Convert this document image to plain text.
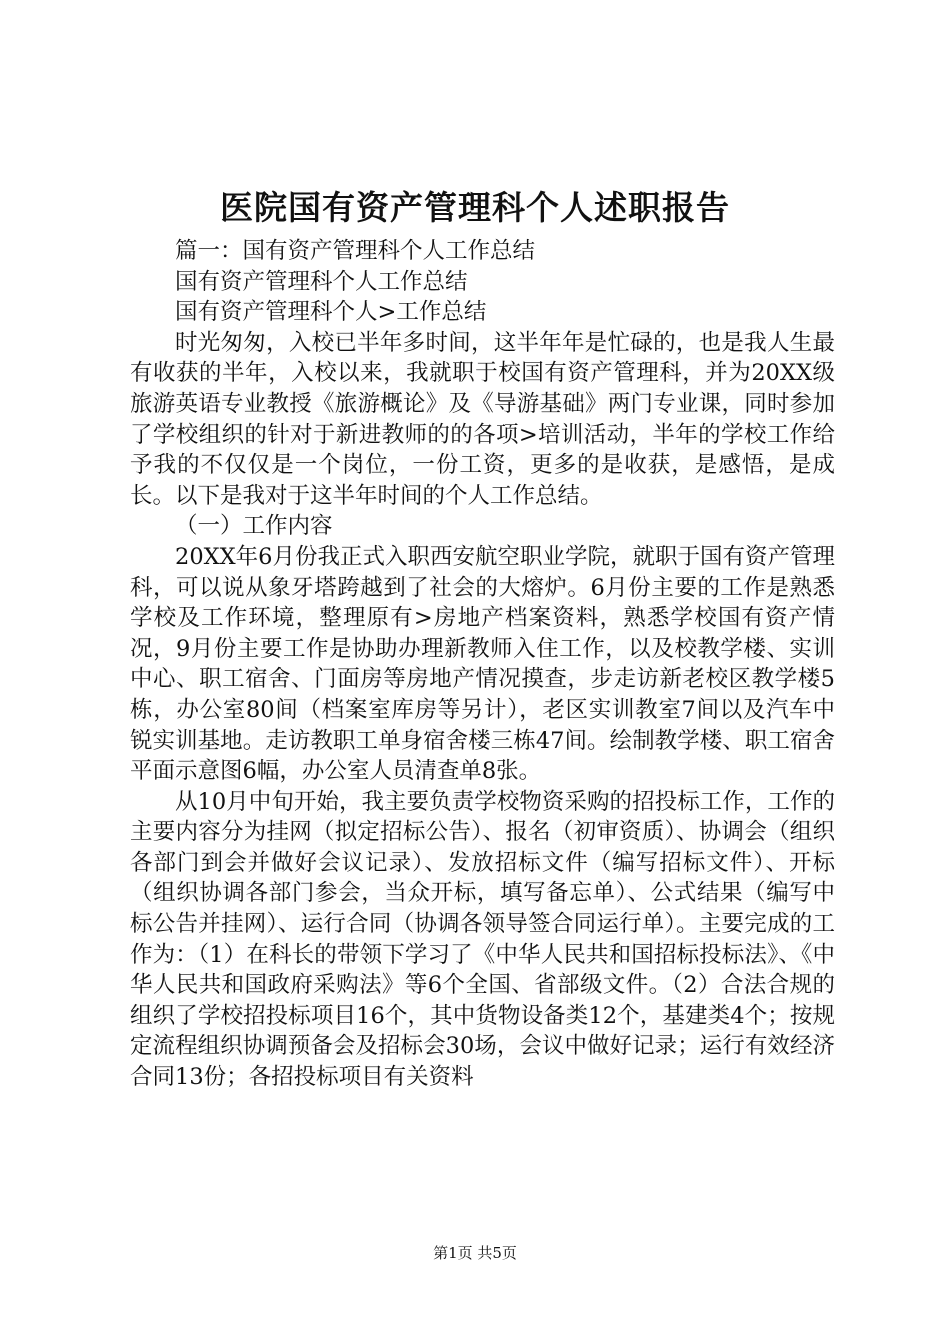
医院国有资产管理科个人述职报告

篇一：国有资产管理科个人工作总结

国有资产管理科个人工作总结

国有资产管理科个人>工作总结

时光匆匆，入校已半年多时间，这半年年是忙碌的，也是我人生最有收获的半年，入校以来，我就职于校国有资产管理科，并为20XX级旅游英语专业教授《旅游概论》及《导游基础》两门专业课，同时参加了学校组织的针对于新进教师的的各项>培训活动，半年的学校工作给予我的不仅仅是一个岗位，一份工资，更多的是收获，是感悟，是成长。以下是我对于这半年时间的个人工作总结。

（一）工作内容

20XX年6月份我正式入职西安航空职业学院，就职于国有资产管理科，可以说从象牙塔跨越到了社会的大熔炉。6月份主要的工作是熟悉学校及工作环境，整理原有>房地产档案资料，熟悉学校国有资产情况，9月份主要工作是协助办理新教师入住工作，以及校教学楼、实训中心、职工宿舍、门面房等房地产情况摸查，步走访新老校区教学楼5栋，办公室80间（档案室库房等另计），老区实训教室7间以及汽车中锐实训基地。走访教职工单身宿舍楼三栋47间。绘制教学楼、职工宿舍平面示意图6幅，办公室人员清查单8张。

从10月中旬开始，我主要负责学校物资采购的招投标工作，工作的主要内容分为挂网（拟定招标公告）、报名（初审资质）、协调会（组织各部门到会并做好会议记录）、发放招标文件（编写招标文件）、开标（组织协调各部门参会，当众开标，填写备忘单）、公式结果（编写中标公告并挂网）、运行合同（协调各领导签合同运行单）。主要完成的工作为：（1）在科长的带领下学习了《中华人民共和国招标投标法》、《中华人民共和国政府采购法》等6个全国、省部级文件。（2）合法合规的组织了学校招投标项目16个，其中货物设备类12个，基建类4个；按规定流程组织协调预备会及招标会30场，会议中做好记录；运行有效经济合同13份；各招投标项目有关资料

第1页 共5页
